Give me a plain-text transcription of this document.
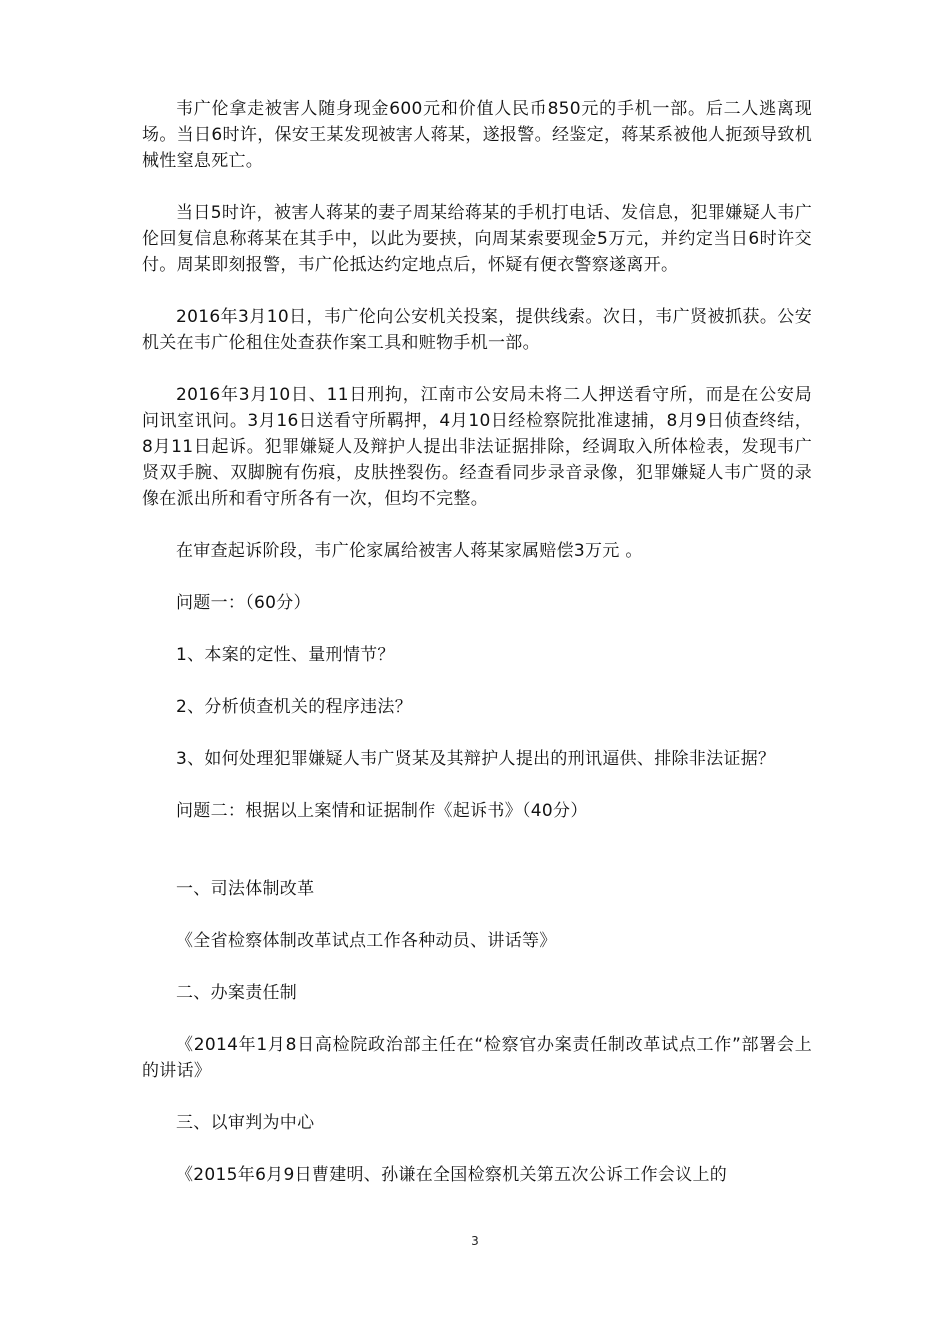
韦广伦拿走被害人随身现金600元和价值人民币850元的手机一部。后二人逃离现场。当日6时许，保安王某发现被害人蒋某，遂报警。经鉴定，蒋某系被他人扼颈导致机械性窒息死亡。

当日5时许，被害人蒋某的妻子周某给蒋某的手机打电话、发信息，犯罪嫌疑人韦广伦回复信息称蒋某在其手中，以此为要挟，向周某索要现金5万元，并约定当日6时许交付。周某即刻报警，韦广伦抵达约定地点后，怀疑有便衣警察遂离开。

2016年3月10日，韦广伦向公安机关投案，提供线索。次日，韦广贤被抓获。公安机关在韦广伦租住处查获作案工具和赃物手机一部。

2016年3月10日、11日刑拘，江南市公安局未将二人押送看守所，而是在公安局问讯室讯问。3月16日送看守所羁押，4月10日经检察院批准逮捕，8月9日侦查终结，8月11日起诉。犯罪嫌疑人及辩护人提出非法证据排除，经调取入所体检表，发现韦广贤双手腕、双脚腕有伤痕，皮肤挫裂伤。经查看同步录音录像，犯罪嫌疑人韦广贤的录像在派出所和看守所各有一次，但均不完整。

在审查起诉阶段，韦广伦家属给被害人蒋某家属赔偿3万元 。

问题一：（60分）

1、本案的定性、量刑情节？

2、分析侦查机关的程序违法？

3、如何处理犯罪嫌疑人韦广贤某及其辩护人提出的刑讯逼供、排除非法证据？

问题二：根据以上案情和证据制作《起诉书》（40分）

一、司法体制改革

《全省检察体制改革试点工作各种动员、讲话等》

二、办案责任制

《2014年1月8日高检院政治部主任在“检察官办案责任制改革试点工作”部署会上的讲话》

三、以审判为中心

《2015年6月9日曹建明、孙谦在全国检察机关第五次公诉工作会议上的

3
